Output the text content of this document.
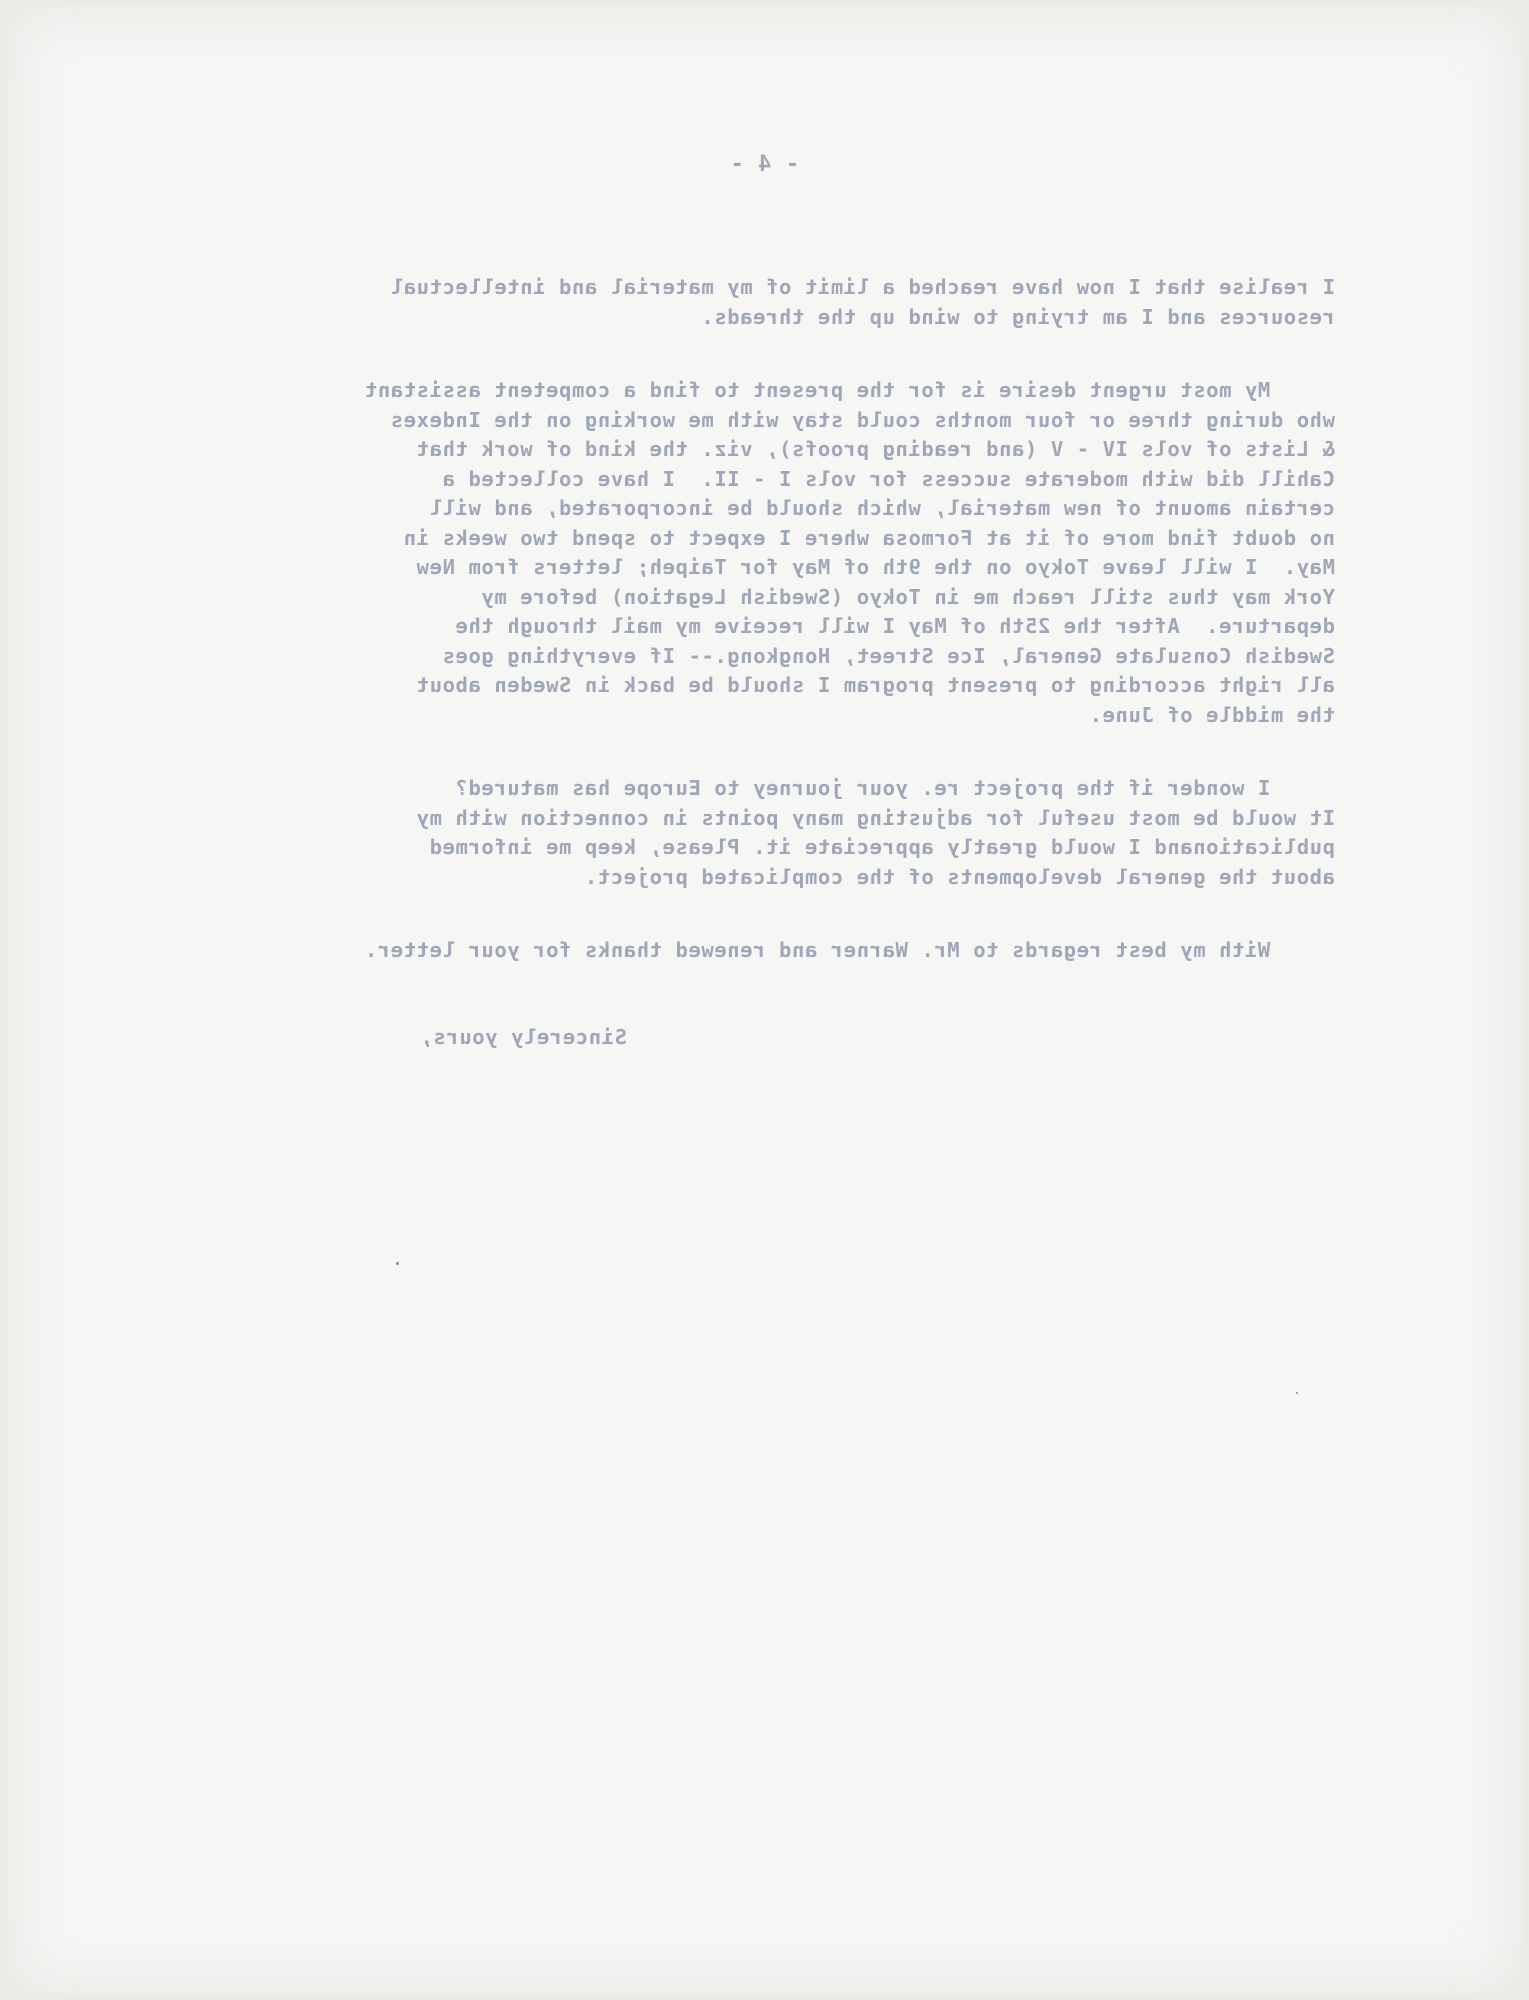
- 4 -
I realise that I now have reached a limit of my material and intellectual
resources and I am trying to wind up the threads.
My most urgent desire is for the present to find a competent assistant
who during three or four months could stay with me working on the Indexes
& Lists of vols IV - V (and reading proofs), viz. the kind of work that
Cahill did with moderate success for vols I - II.  I have collected a
certain amount of new material, which should be incorporated, and will
no doubt find more of it at Formosa where I expect to spend two weeks in
May.  I will leave Tokyo on the 9th of May for Taipeh; letters from New
York may thus still reach me in Tokyo (Swedish Legation) before my
departure.  After the 25th of May I will receive my mail through the
Swedish Consulate General, Ice Street, Hongkong.-- If everything goes
all right according to present program I should be back in Sweden about
the middle of June.
I wonder if the project re. your journey to Europe has matured?
It would be most useful for adjusting many points in connection with my
publicationand I would greatly appreciate it. Please, keep me informed
about the general developments of the complicated project.
With my best regards to Mr. Warner and renewed thanks for your letter.
Sincerely yours,
